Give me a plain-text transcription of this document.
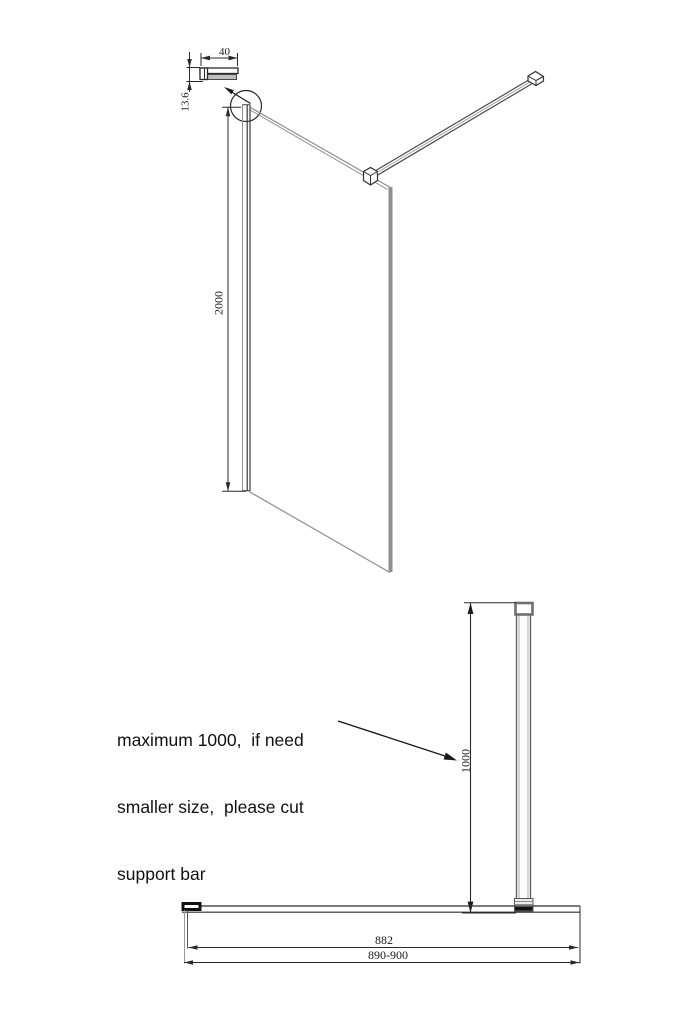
40
13.6
2000
1000
882
890-900

maximum 1000,  if need

smaller size,  please cut

support bar
